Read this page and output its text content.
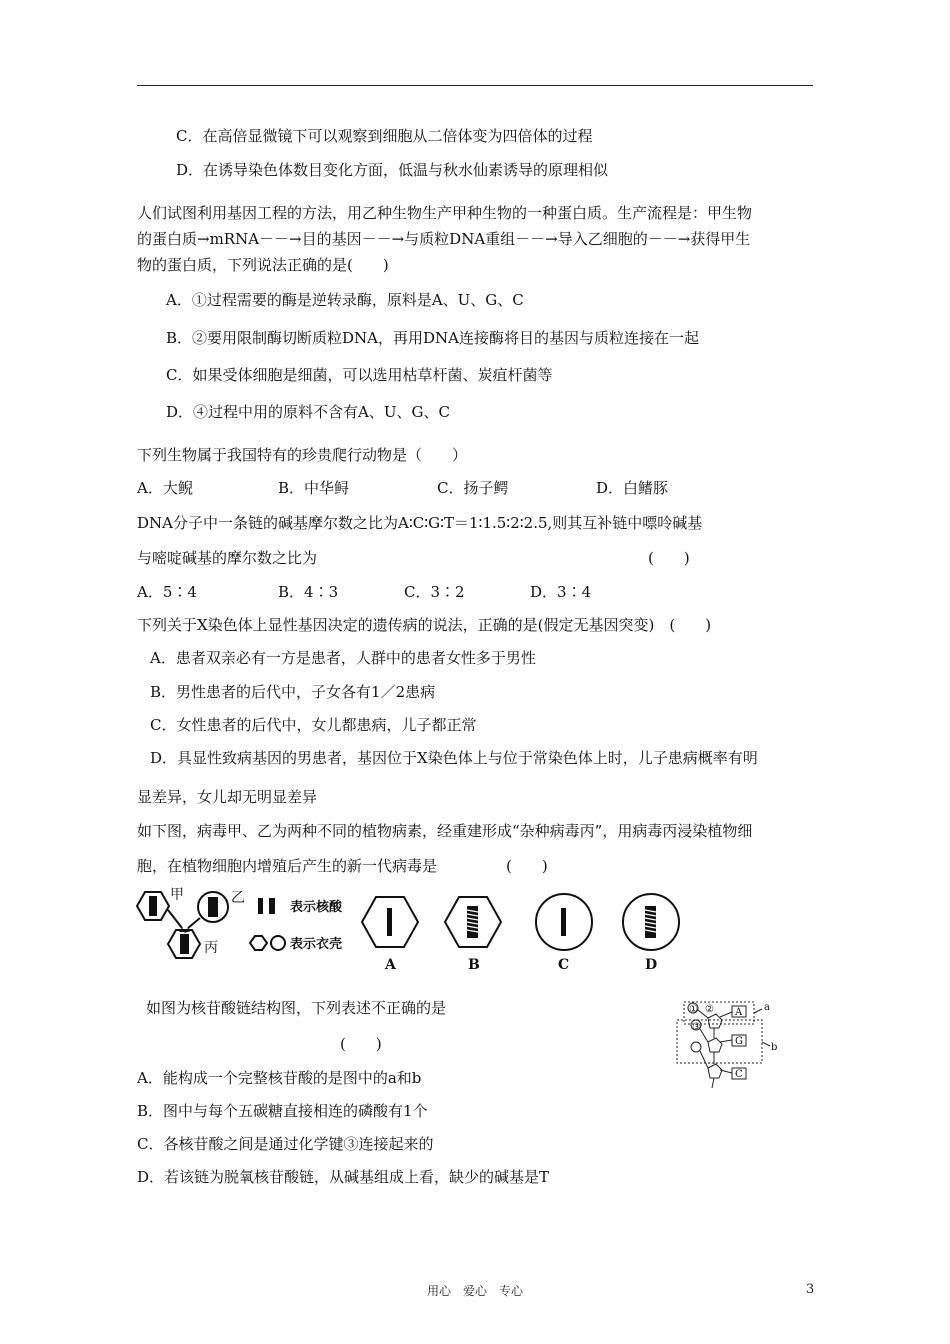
C．在高倍显微镜下可以观察到细胞从二倍体变为四倍体的过程
D．在诱导染色体数目变化方面，低温与秋水仙素诱导的原理相似
人们试图利用基因工程的方法，用乙种生物生产甲种生物的一种蛋白质。生产流程是：甲生物
的蛋白质→mRNA－－→目的基因－－→与质粒DNA重组－－→导入乙细胞的－－→获得甲生
物的蛋白质，下列说法正确的是(　　)
A．①过程需要的酶是逆转录酶，原料是A、U、G、C
B．②要用限制酶切断质粒DNA，再用DNA连接酶将目的基因与质粒连接在一起
C．如果受体细胞是细菌，可以选用枯草杆菌、炭疽杆菌等
D．④过程中用的原料不含有A、U、G、C
下列生物属于我国特有的珍贵爬行动物是（　　）
A．大鲵	B．中华鲟	C．扬子鳄	D．白鳍豚
DNA分子中一条链的碱基摩尔数之比为A∶C∶G∶T＝1∶1.5∶2∶2.5,则其互补链中嘌呤碱基
与嘧啶碱基的摩尔数之比为	(　　)
A．5∶4	B．4∶3	C．3∶2	D．3∶4
下列关于X染色体上显性基因决定的遗传病的说法，正确的是(假定无基因突变)　(　　)
A．患者双亲必有一方是患者，人群中的患者女性多于男性
B．男性患者的后代中，子女各有1／2患病
C．女性患者的后代中，女儿都患病，儿子都正常
D．具显性致病基因的男患者，基因位于X染色体上与位于常染色体上时，儿子患病概率有明
显差异，女儿却无明显差异
如下图，病毒甲、乙为两种不同的植物病素，经重建形成“杂种病毒丙”，用病毒丙浸染植物细
胞，在植物细胞内增殖后产生的新一代病毒是	(　　)
甲	乙
丙
表示核酸
表示衣壳
A	B	C	D
如图为核苷酸链结构图，下列表述不正确的是
(　　)
① ②
③
A
G
C
a
b
A．能构成一个完整核苷酸的是图中的a和b
B．图中与每个五碳糖直接相连的磷酸有1个
C．各核苷酸之间是通过化学键③连接起来的
D．若该链为脱氧核苷酸链，从碱基组成上看，缺少的碱基是T
用心　爱心　专心	3
